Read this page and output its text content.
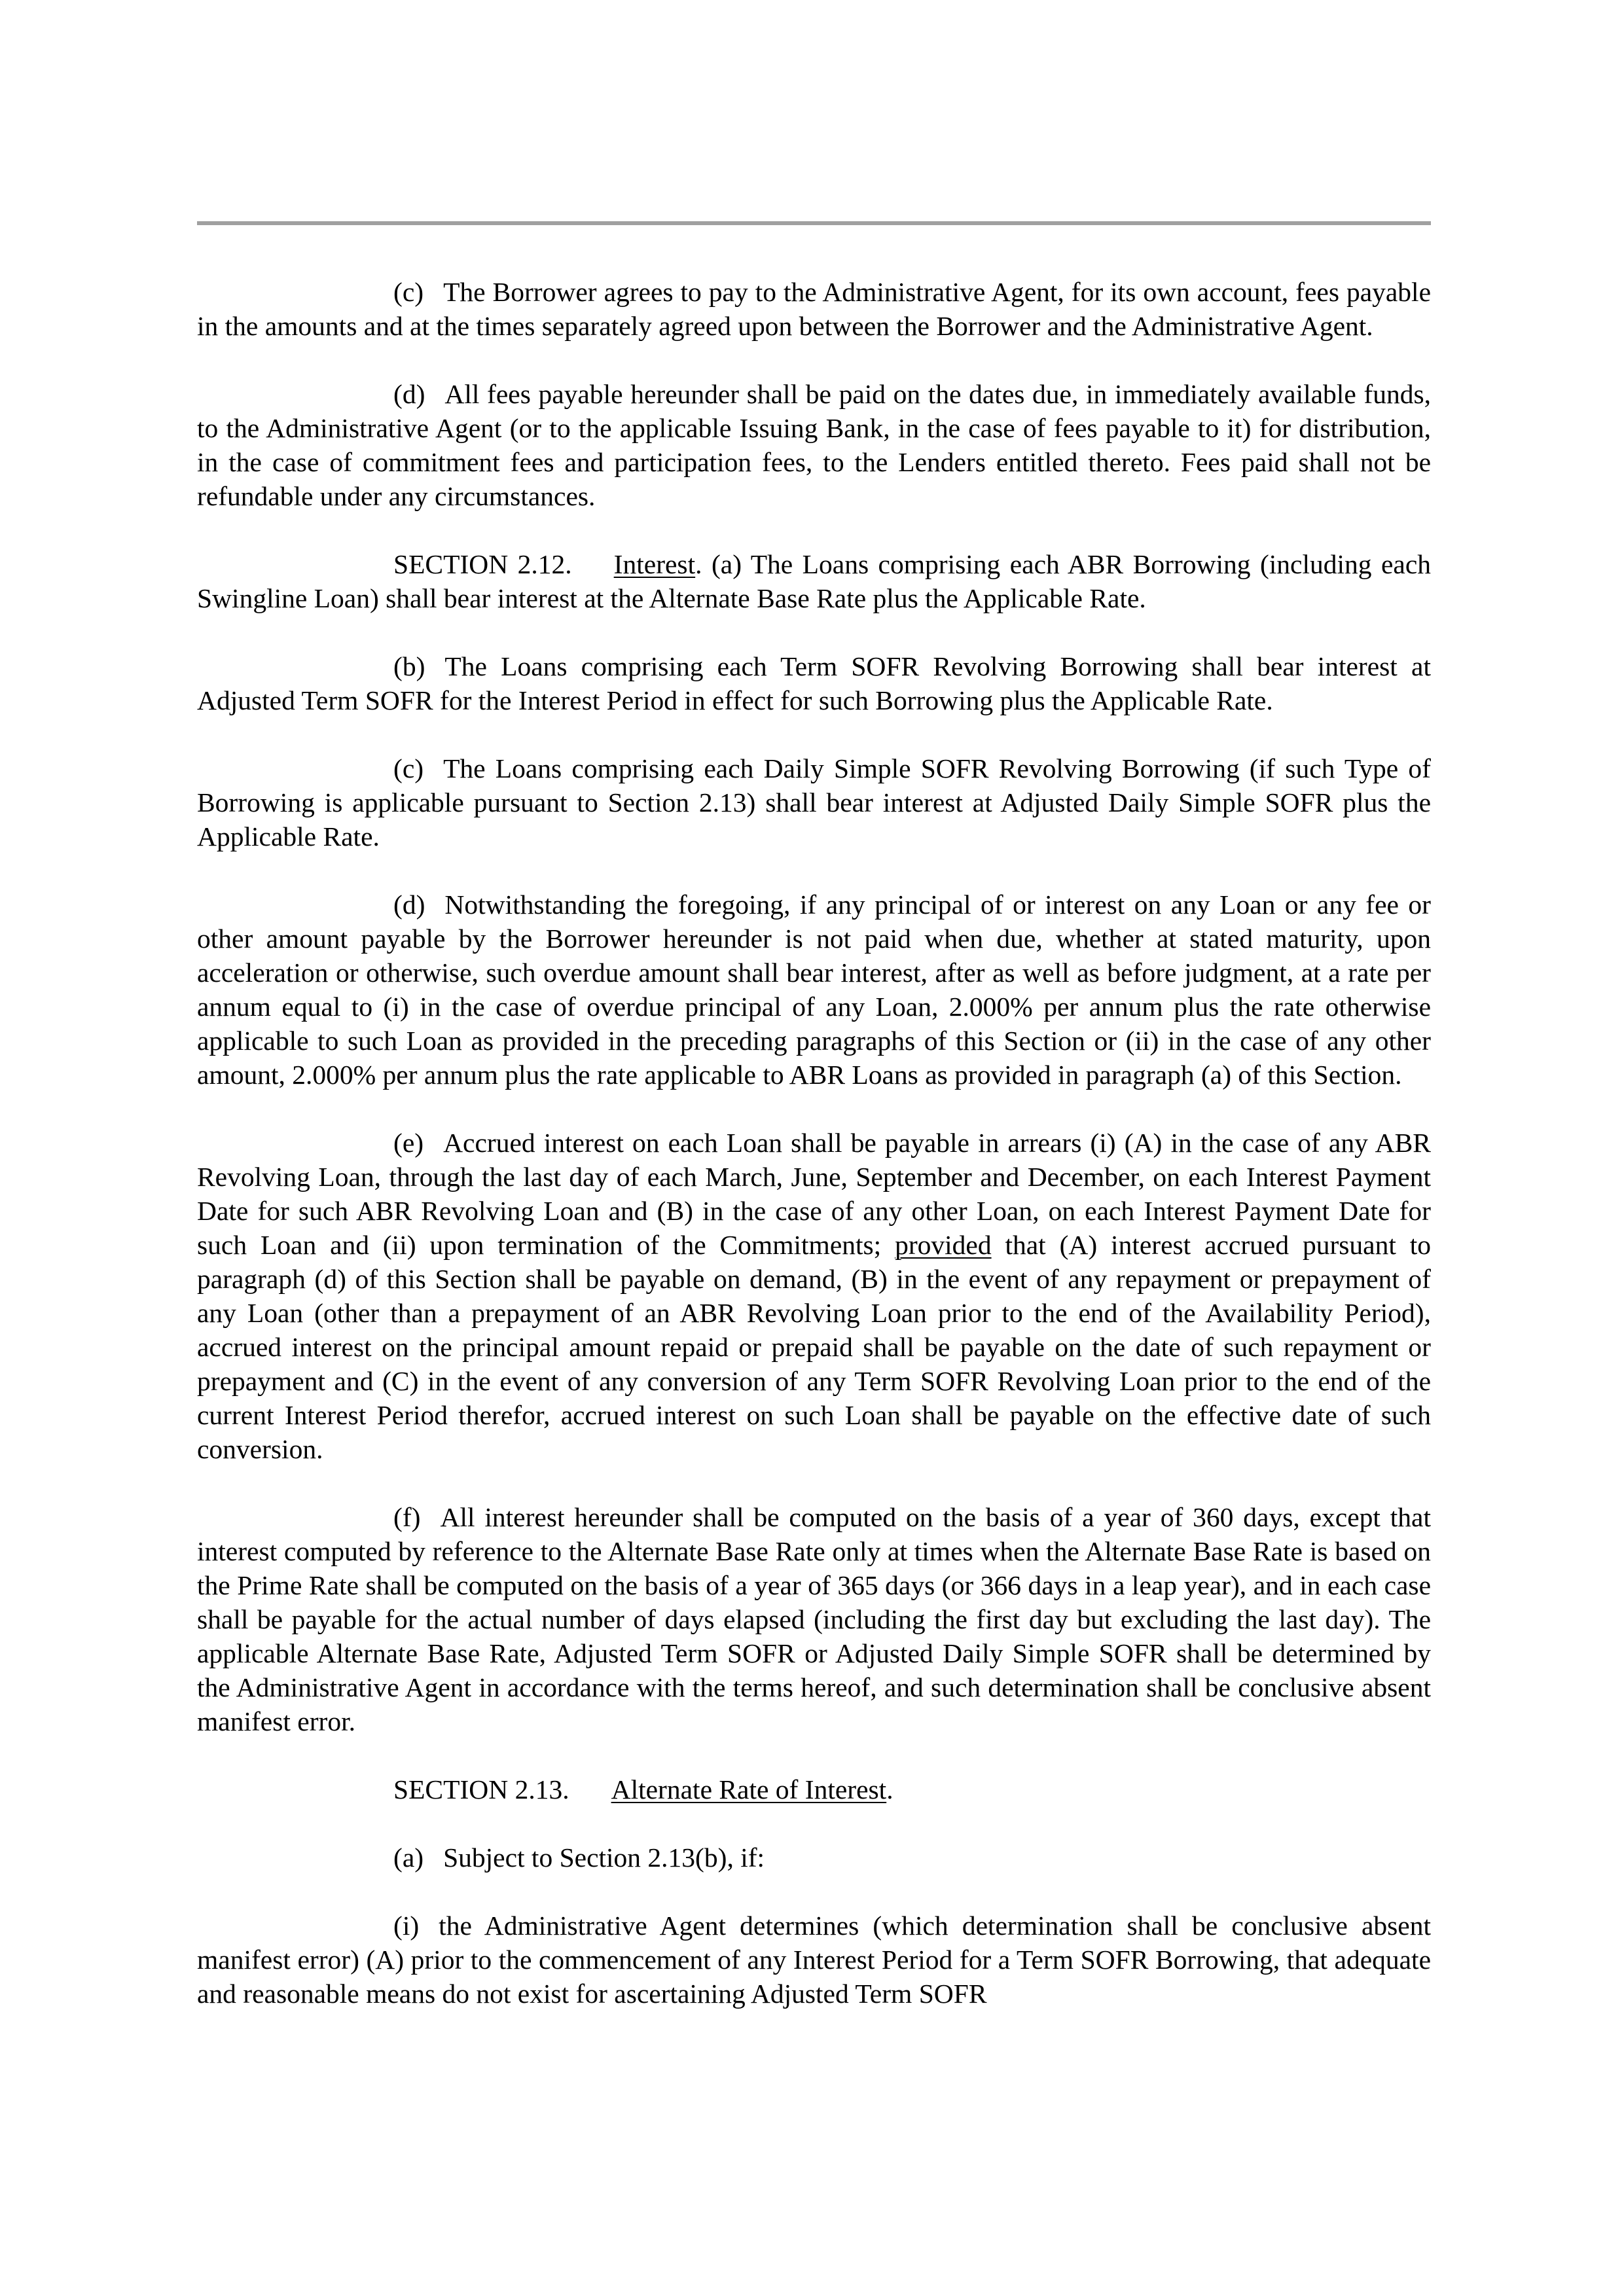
(c) The Borrower agrees to pay to the Administrative Agent, for its own account, fees payable in the amounts and at the times separately agreed upon between the Borrower and the Administrative Agent.

(d) All fees payable hereunder shall be paid on the dates due, in immediately available funds, to the Administrative Agent (or to the applicable Issuing Bank, in the case of fees payable to it) for distribution, in the case of commitment fees and participation fees, to the Lenders entitled thereto. Fees paid shall not be refundable under any circumstances.

SECTION 2.12. Interest. (a) The Loans comprising each ABR Borrowing (including each Swingline Loan) shall bear interest at the Alternate Base Rate plus the Applicable Rate.

(b) The Loans comprising each Term SOFR Revolving Borrowing shall bear interest at Adjusted Term SOFR for the Interest Period in effect for such Borrowing plus the Applicable Rate.

(c) The Loans comprising each Daily Simple SOFR Revolving Borrowing (if such Type of Borrowing is applicable pursuant to Section 2.13) shall bear interest at Adjusted Daily Simple SOFR plus the Applicable Rate.

(d) Notwithstanding the foregoing, if any principal of or interest on any Loan or any fee or other amount payable by the Borrower hereunder is not paid when due, whether at stated maturity, upon acceleration or otherwise, such overdue amount shall bear interest, after as well as before judgment, at a rate per annum equal to (i) in the case of overdue principal of any Loan, 2.000% per annum plus the rate otherwise applicable to such Loan as provided in the preceding paragraphs of this Section or (ii) in the case of any other amount, 2.000% per annum plus the rate applicable to ABR Loans as provided in paragraph (a) of this Section.

(e) Accrued interest on each Loan shall be payable in arrears (i) (A) in the case of any ABR Revolving Loan, through the last day of each March, June, September and December, on each Interest Payment Date for such ABR Revolving Loan and (B) in the case of any other Loan, on each Interest Payment Date for such Loan and (ii) upon termination of the Commitments; provided that (A) interest accrued pursuant to paragraph (d) of this Section shall be payable on demand, (B) in the event of any repayment or prepayment of any Loan (other than a prepayment of an ABR Revolving Loan prior to the end of the Availability Period), accrued interest on the principal amount repaid or prepaid shall be payable on the date of such repayment or prepayment and (C) in the event of any conversion of any Term SOFR Revolving Loan prior to the end of the current Interest Period therefor, accrued interest on such Loan shall be payable on the effective date of such conversion.

(f) All interest hereunder shall be computed on the basis of a year of 360 days, except that interest computed by reference to the Alternate Base Rate only at times when the Alternate Base Rate is based on the Prime Rate shall be computed on the basis of a year of 365 days (or 366 days in a leap year), and in each case shall be payable for the actual number of days elapsed (including the first day but excluding the last day). The applicable Alternate Base Rate, Adjusted Term SOFR or Adjusted Daily Simple SOFR shall be determined by the Administrative Agent in accordance with the terms hereof, and such determination shall be conclusive absent manifest error.

SECTION 2.13. Alternate Rate of Interest.

(a) Subject to Section 2.13(b), if:

(i) the Administrative Agent determines (which determination shall be conclusive absent manifest error) (A) prior to the commencement of any Interest Period for a Term SOFR Borrowing, that adequate and reasonable means do not exist for ascertaining Adjusted Term SOFR
